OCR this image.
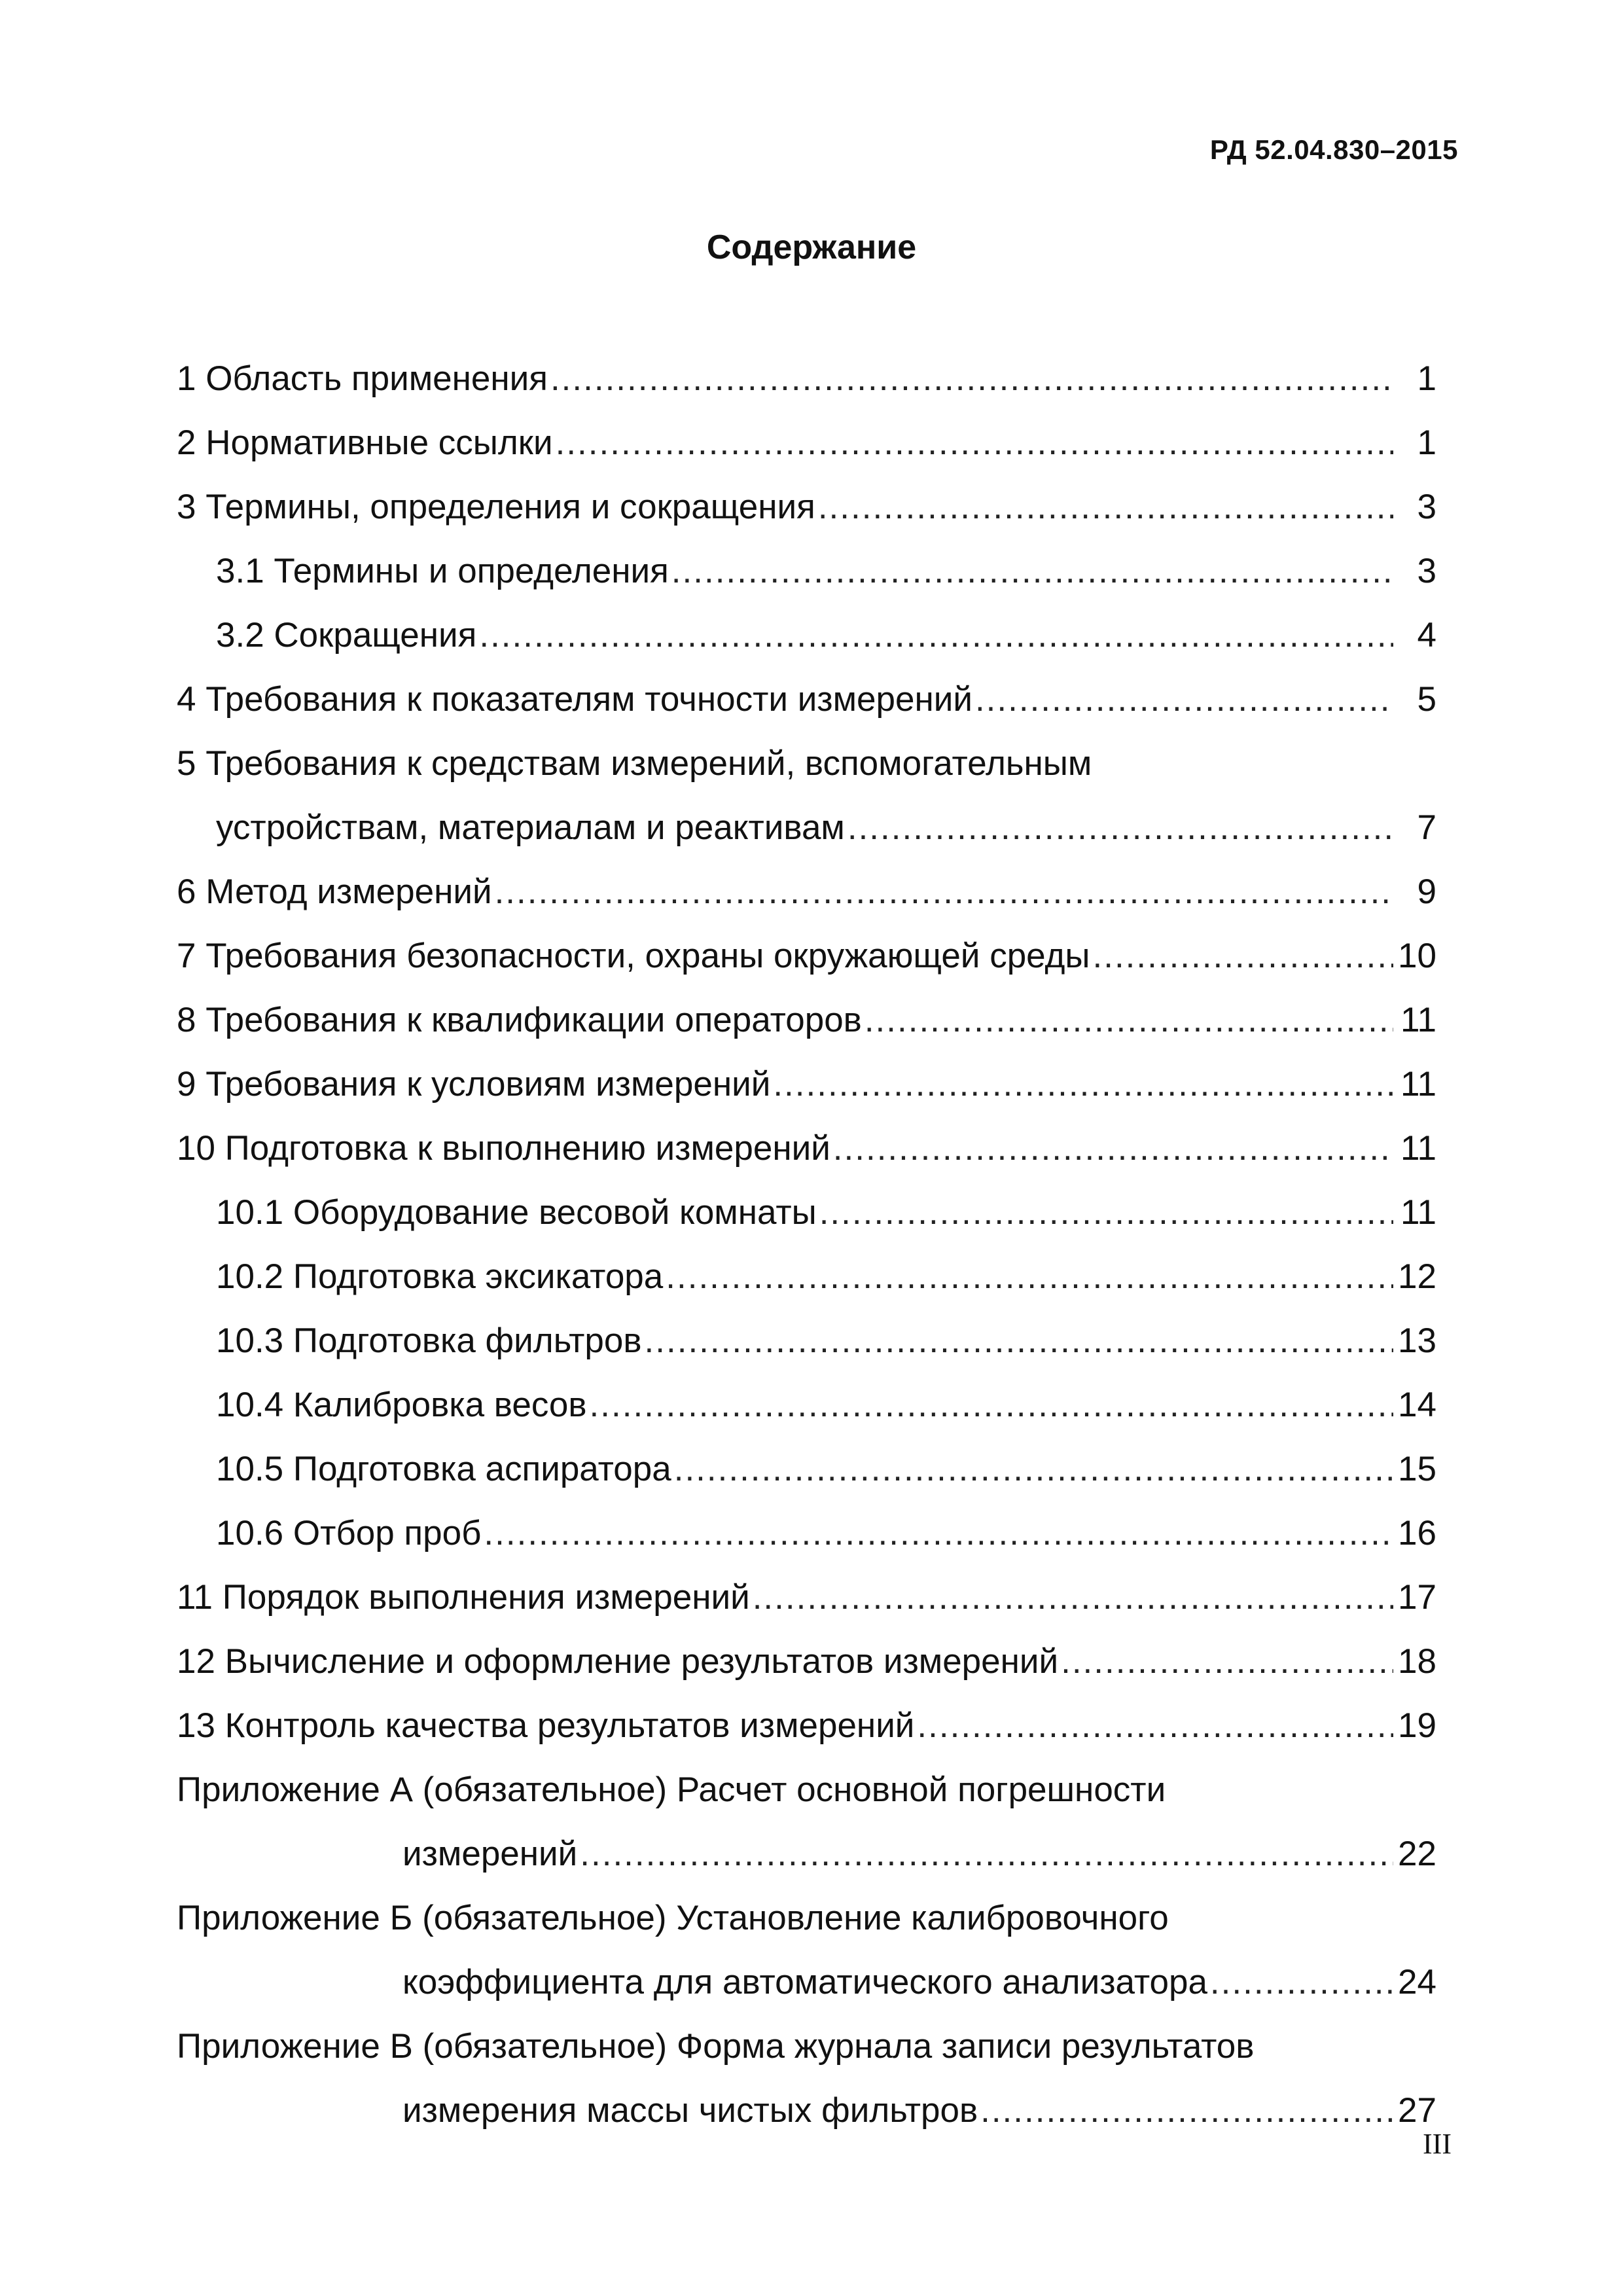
РД 52.04.830–2015
Содержание
1 Область применения .....	1
2 Нормативные ссылки .....	1
3 Термины, определения и сокращения .....	3
3.1 Термины и определения .....	3
3.2 Сокращения .....	4
4 Требования к показателям точности измерений .....	5
5 Требования к средствам измерений, вспомогательным
устройствам, материалам и реактивам .....	7
6 Метод измерений .....	9
7 Требования безопасности, охраны окружающей среды .....	10
8 Требования к квалификации операторов .....	11
9 Требования к условиям измерений .....	11
10 Подготовка к выполнению измерений .....	11
10.1 Оборудование весовой комнаты .....	11
10.2 Подготовка эксикатора .....	12
10.3 Подготовка фильтров .....	13
10.4 Калибровка весов .....	14
10.5 Подготовка аспиратора .....	15
10.6 Отбор проб .....	16
11 Порядок выполнения измерений .....	17
12 Вычисление и оформление результатов измерений .....	18
13 Контроль качества результатов измерений .....	19
Приложение А (обязательное) Расчет основной погрешности
измерений .....	22
Приложение Б (обязательное) Установление калибровочного
коэффициента для автоматического анализатора .....	24
Приложение В (обязательное) Форма журнала записи результатов
измерения массы чистых фильтров .....	27
III
